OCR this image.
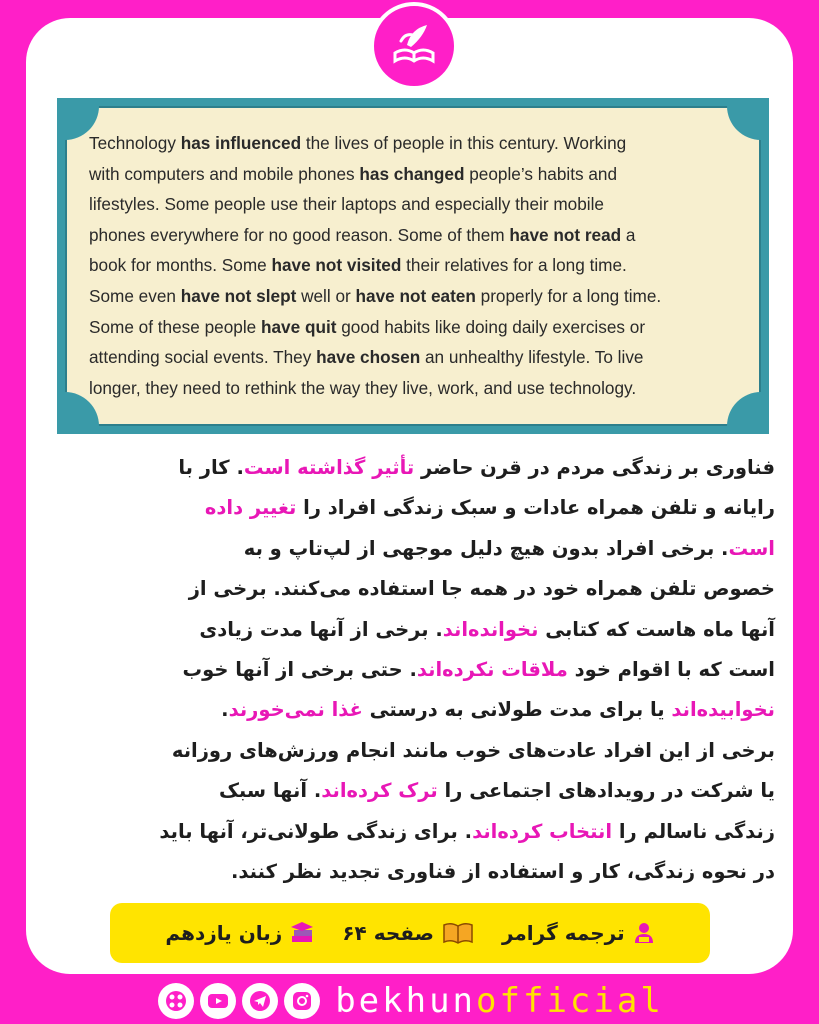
Technology has influenced the lives of people in this century. Working
with computers and mobile phones has changed people’s habits and
lifestyles. Some people use their laptops and especially their mobile
phones everywhere for no good reason. Some of them have not read a
book for months. Some have not visited their relatives for a long time.
Some even have not slept well or have not eaten properly for a long time.
Some of these people have quit good habits like doing daily exercises or
attending social events. They have chosen an unhealthy lifestyle. To live
longer, they need to rethink the way they live, work, and use technology.
فناوری بر زندگی مردم در قرن حاضر تأثیر گذاشته است. کار با
رایانه و تلفن همراه عادات و سبک زندگی افراد را تغییر داده
است. برخی افراد بدون هیچ دلیل موجهی از لپ‌تاپ و به
خصوص تلفن همراه خود در همه جا استفاده می‌کنند. برخی از
آنها ماه هاست که کتابی نخوانده‌اند. برخی از آنها مدت زیادی
است که با اقوام خود ملاقات نکرده‌اند. حتی برخی از آنها خوب
نخوابیده‌اند یا برای مدت طولانی به درستی غذا نمی‌خورند.
برخی از این افراد عادت‌های خوب مانند انجام ورزش‌های روزانه
یا شرکت در رویدادهای اجتماعی را ترک کرده‌اند. آنها سبک
زندگی ناسالم را انتخاب کرده‌اند. برای زندگی طولانی‌تر، آنها باید
در نحوه زندگی، کار و استفاده از فناوری تجدید نظر کنند.
ترجمه گرامر
صفحه ۶۴
زبان یازدهم
bekhunofficial
